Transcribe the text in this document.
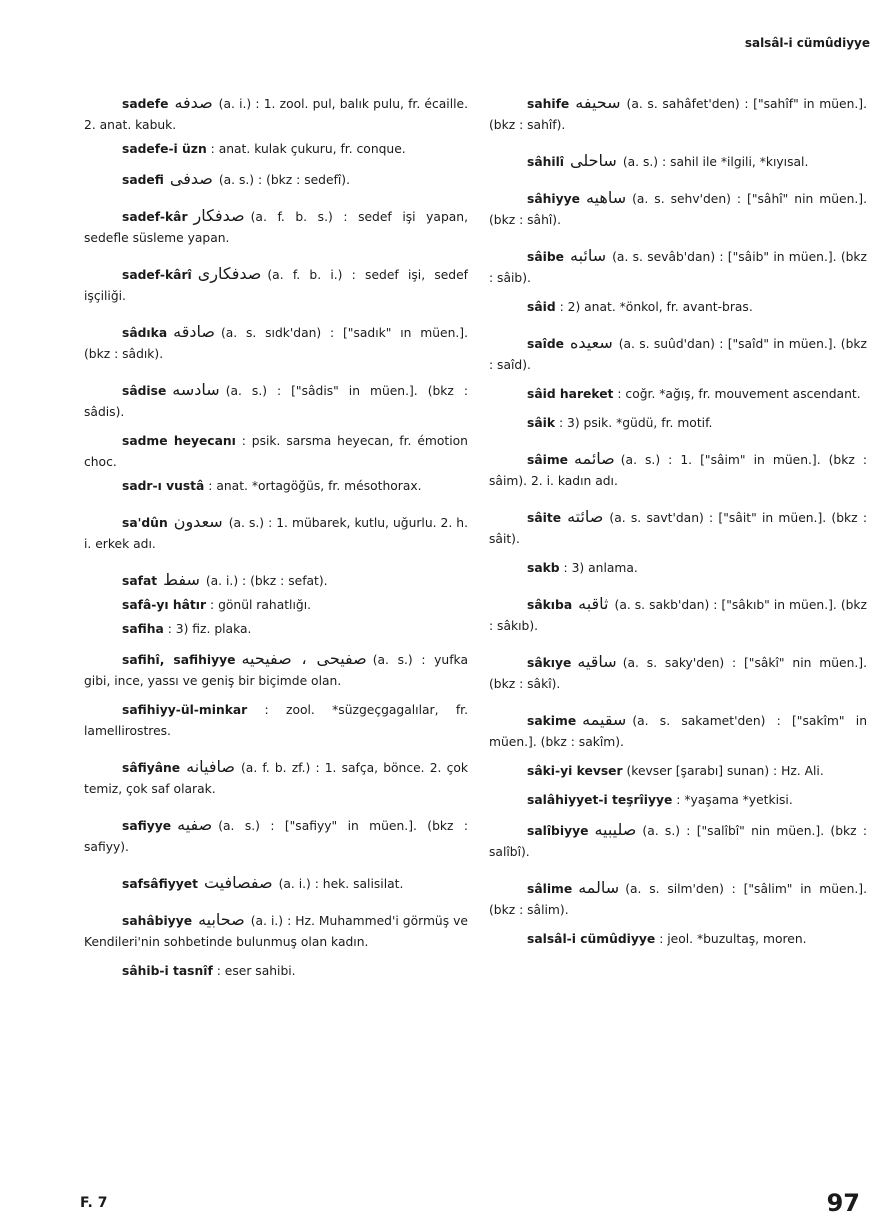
salsâl-i cümûdiyye
sadefe صدفه (a. i.) : 1. zool. pul, balık pulu, fr. écaille. 2. anat. kabuk.
sadefe-i üzn : anat. kulak çukuru, fr. conque.
sadefi صدفى (a. s.) : (bkz : sedefî).
sadef-kâr صدفكار (a. f. b. s.) : sedef işi yapan, sedefle süsleme yapan.
sadef-kârî صدفكارى (a. f. b. i.) : sedef işi, sedef işçiliği.
sâdıka صادقه (a. s. sıdk'dan) : ["sadık" ın müen.]. (bkz : sâdık).
sâdise سادسه (a. s.) : ["sâdis" in müen.]. (bkz : sâdis).
sadme heyecanı : psik. sarsma heyecan, fr. émotion choc.
sadr-ı vustâ : anat. *ortagöğüs, fr. mésothorax.
sa'dûn سعدون (a. s.) : 1. mübarek, kutlu, uğurlu. 2. h. i. erkek adı.
safat سفط (a. i.) : (bkz : sefat).
safâ-yı hâtır : gönül rahatlığı.
safiha : 3) fiz. plaka.
safihî, safihiyye صفيحى ، صفيحيه (a. s.) : yufka gibi, ince, yassı ve geniş bir biçimde olan.
safihiyy-ül-minkar : zool. *süzgeçgagalılar, fr. lamellirostres.
sâfiyâne صافيانه (a. f. b. zf.) : 1. safça, bönce. 2. çok temiz, çok saf olarak.
safiyye صفيه (a. s.) : ["safiyy" in müen.]. (bkz : safiyy).
safsâfiyyet صفصافيت (a. i.) : hek. salisilat.
sahâbiyye صحابيه (a. i.) : Hz. Muhammed'i görmüş ve Kendileri'nin sohbetinde bulunmuş olan kadın.
sâhib-i tasnîf : eser sahibi.
sahife سحيفه (a. s. sahâfet'den) : ["sahîf" in müen.]. (bkz : sahîf).
sâhilî ساحلى (a. s.) : sahil ile *ilgili, *kıyısal.
sâhiyye ساهيه (a. s. sehv'den) : ["sâhî" nin müen.]. (bkz : sâhî).
sâibe سائبه (a. s. sevâb'dan) : ["sâib" in müen.]. (bkz : sâib).
sâid : 2) anat. *önkol, fr. avant-bras.
saîde سعيده (a. s. suûd'dan) : ["saîd" in müen.]. (bkz : saîd).
sâid hareket : coğr. *ağış, fr. mouvement ascendant.
sâik : 3) psik. *güdü, fr. motif.
sâime صائمه (a. s.) : 1. ["sâim" in müen.]. (bkz : sâim). 2. i. kadın adı.
sâite صائته (a. s. savt'dan) : ["sâit" in müen.]. (bkz : sâit).
sakb : 3) anlama.
sâkıba ثاقبه (a. s. sakb'dan) : ["sâkıb" in müen.]. (bkz : sâkıb).
sâkıye ساقيه (a. s. saky'den) : ["sâkî" nin müen.]. (bkz : sâkî).
sakime سقيمه (a. s. sakamet'den) : ["sakîm" in müen.]. (bkz : sakîm).
sâki-yi kevser (kevser [şarabı] sunan) : Hz. Ali.
salâhiyyet-i teşrîiyye : *yaşama *yetkisi.
salîbiyye صليبيه (a. s.) : ["salîbî" nin müen.]. (bkz : salîbî).
sâlime سالمه (a. s. silm'den) : ["sâlim" in müen.]. (bkz : sâlim).
salsâl-i cümûdiyye : jeol. *buzultaş, moren.
F. 7	97
